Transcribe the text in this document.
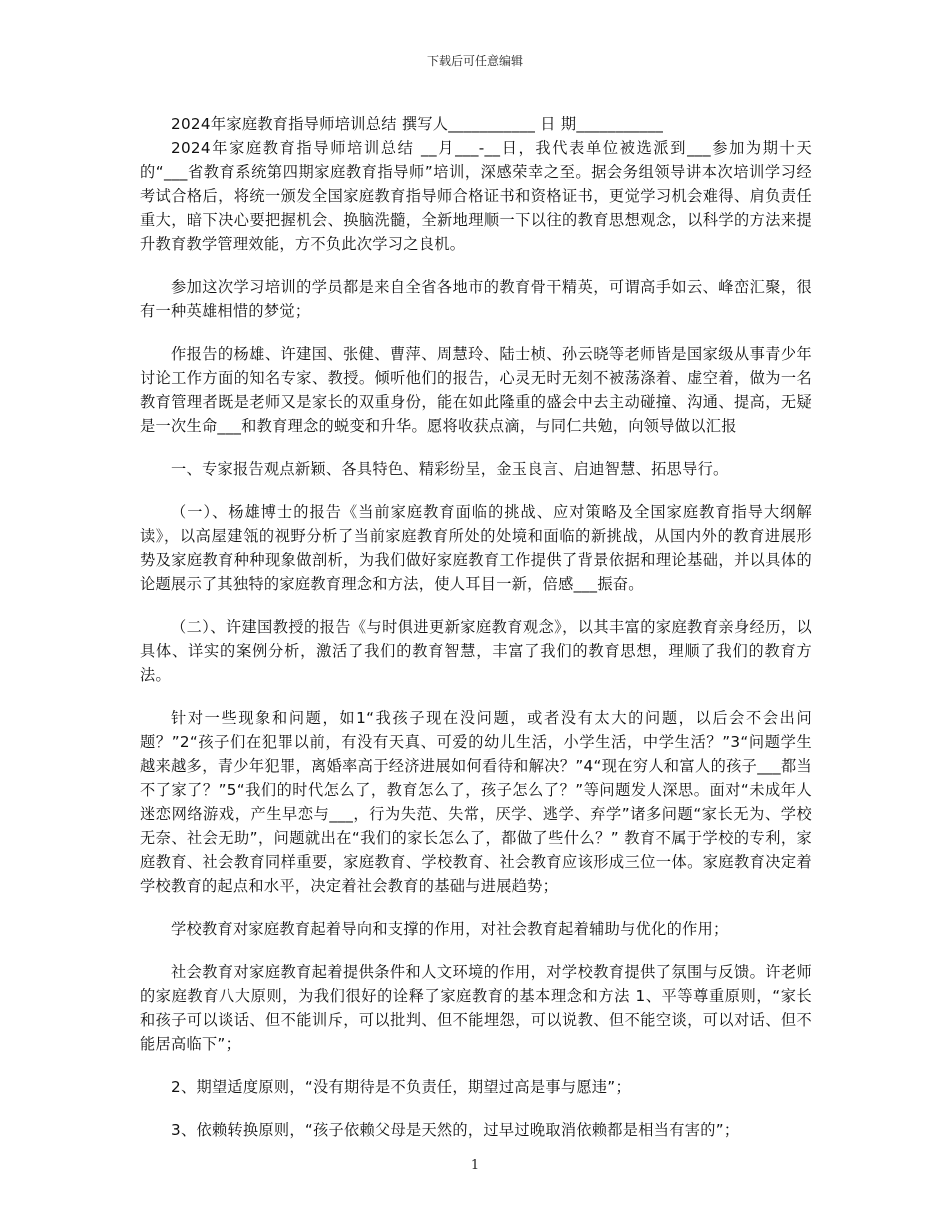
下载后可任意编辑

2024年家庭教育指导师培训总结 撰写人___________ 日 期___________

2024年家庭教育指导师培训总结 __月___-__日，我代表单位被选派到___参加为期十天的“___省教育系统第四期家庭教育指导师”培训，深感荣幸之至。据会务组领导讲本次培训学习经考试合格后，将统一颁发全国家庭教育指导师合格证书和资格证书，更觉学习机会难得、肩负责任重大，暗下决心要把握机会、换脑洗髓，全新地理顺一下以往的教育思想观念，以科学的方法来提升教育教学管理效能，方不负此次学习之良机。

参加这次学习培训的学员都是来自全省各地市的教育骨干精英，可谓高手如云、峰峦汇聚，很有一种英雄相惜的梦觉；

作报告的杨雄、许建国、张健、曹萍、周慧玲、陆士桢、孙云晓等老师皆是国家级从事青少年讨论工作方面的知名专家、教授。倾听他们的报告，心灵无时无刻不被荡涤着、虚空着，做为一名教育管理者既是老师又是家长的双重身份，能在如此隆重的盛会中去主动碰撞、沟通、提高，无疑是一次生命___和教育理念的蜕变和升华。愿将收获点滴，与同仁共勉，向领导做以汇报

一、专家报告观点新颖、各具特色、精彩纷呈，金玉良言、启迪智慧、拓思导行。

（一）、杨雄博士的报告《当前家庭教育面临的挑战、应对策略及全国家庭教育指导大纲解读》，以高屋建瓴的视野分析了当前家庭教育所处的处境和面临的新挑战，从国内外的教育进展形势及家庭教育种种现象做剖析，为我们做好家庭教育工作提供了背景依据和理论基础，并以具体的论题展示了其独特的家庭教育理念和方法，使人耳目一新，倍感___振奋。

（二）、许建国教授的报告《与时俱进更新家庭教育观念》，以其丰富的家庭教育亲身经历，以具体、详实的案例分析，激活了我们的教育智慧，丰富了我们的教育思想，理顺了我们的教育方法。

针对一些现象和问题，如1“我孩子现在没问题，或者没有太大的问题，以后会不会出问题？”2“孩子们在犯罪以前，有没有天真、可爱的幼儿生活，小学生活，中学生活？”3“问题学生越来越多，青少年犯罪，离婚率高于经济进展如何看待和解决？”4“现在穷人和富人的孩子___都当不了家了？”5“我们的时代怎么了，教育怎么了，孩子怎么了？”等问题发人深思。面对“未成年人迷恋网络游戏，产生早恋与___，行为失范、失常，厌学、逃学、弃学”诸多问题“家长无为、学校无奈、社会无助”，问题就出在“我们的家长怎么了，都做了些什么？” 教育不属于学校的专利，家庭教育、社会教育同样重要，家庭教育、学校教育、社会教育应该形成三位一体。家庭教育决定着学校教育的起点和水平，决定着社会教育的基础与进展趋势；

学校教育对家庭教育起着导向和支撑的作用，对社会教育起着辅助与优化的作用；

社会教育对家庭教育起着提供条件和人文环境的作用，对学校教育提供了氛围与反馈。许老师的家庭教育八大原则，为我们很好的诠释了家庭教育的基本理念和方法 1、平等尊重原则，“家长和孩子可以谈话、但不能训斥，可以批判、但不能埋怨，可以说教、但不能空谈，可以对话、但不能居高临下”；

2、期望适度原则，“没有期待是不负责任，期望过高是事与愿违”；

3、依赖转换原则，“孩子依赖父母是天然的，过早过晚取消依赖都是相当有害的”；

1
